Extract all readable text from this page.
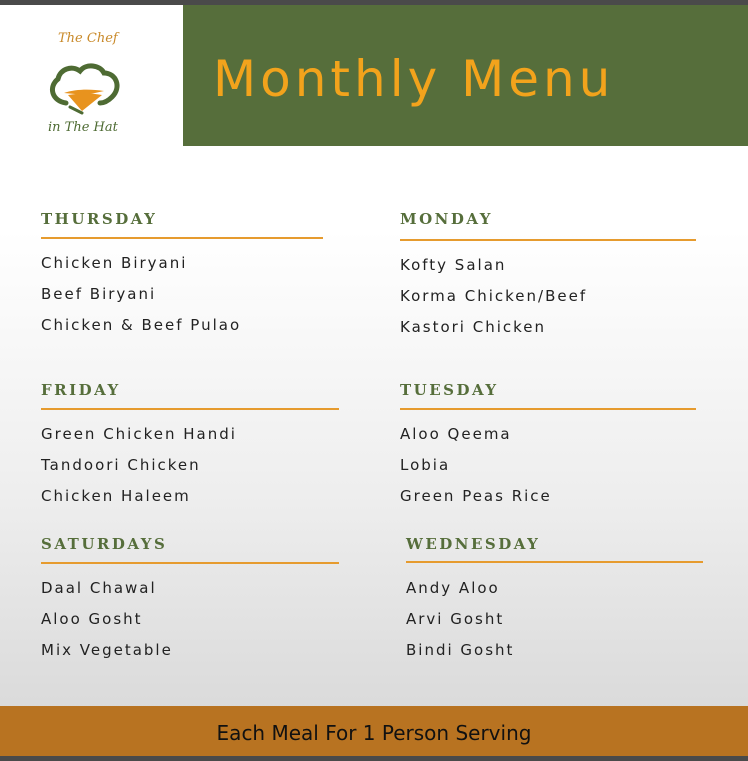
The Chef
in The Hat
Monthly Menu
THURSDAY
Chicken Biryani
Beef Biryani
Chicken & Beef Pulao
MONDAY
Kofty Salan
Korma Chicken/Beef
Kastori Chicken
FRIDAY
Green Chicken Handi
Tandoori Chicken
Chicken Haleem
TUESDAY
Aloo Qeema
Lobia
Green Peas Rice
SATURDAYS
Daal Chawal
Aloo Gosht
Mix Vegetable
WEDNESDAY
Andy Aloo
Arvi Gosht
Bindi Gosht
Each Meal For 1 Person Serving
